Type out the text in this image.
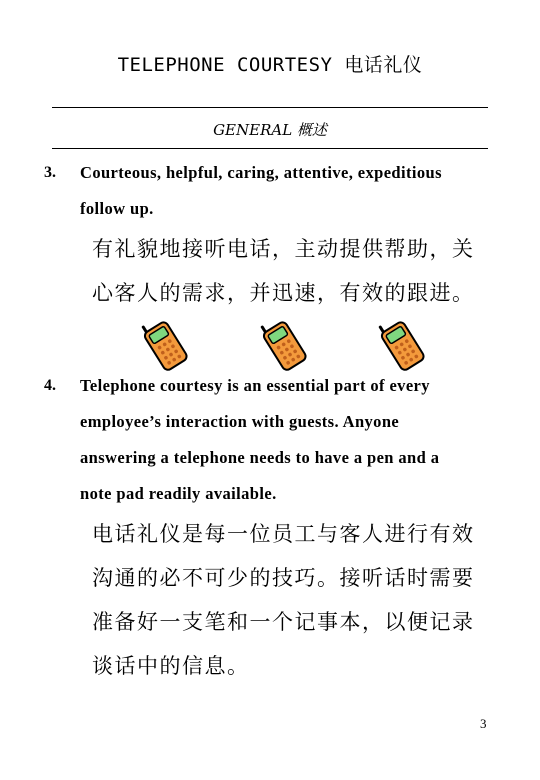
TELEPHONE COURTESY 电话礼仪
GENERAL 概述
3. Courteous, helpful, caring, attentive, expeditious
follow up.
有礼貌地接听电话，主动提供帮助，关
心客人的需求，并迅速，有效的跟进。
4. Telephone courtesy is an essential part of every
employee’s interaction with guests. Anyone
answering a telephone needs to have a pen and a
note pad readily available.
电话礼仪是每一位员工与客人进行有效
沟通的必不可少的技巧。接听话时需要
准备好一支笔和一个记事本，以便记录
谈话中的信息。
3
